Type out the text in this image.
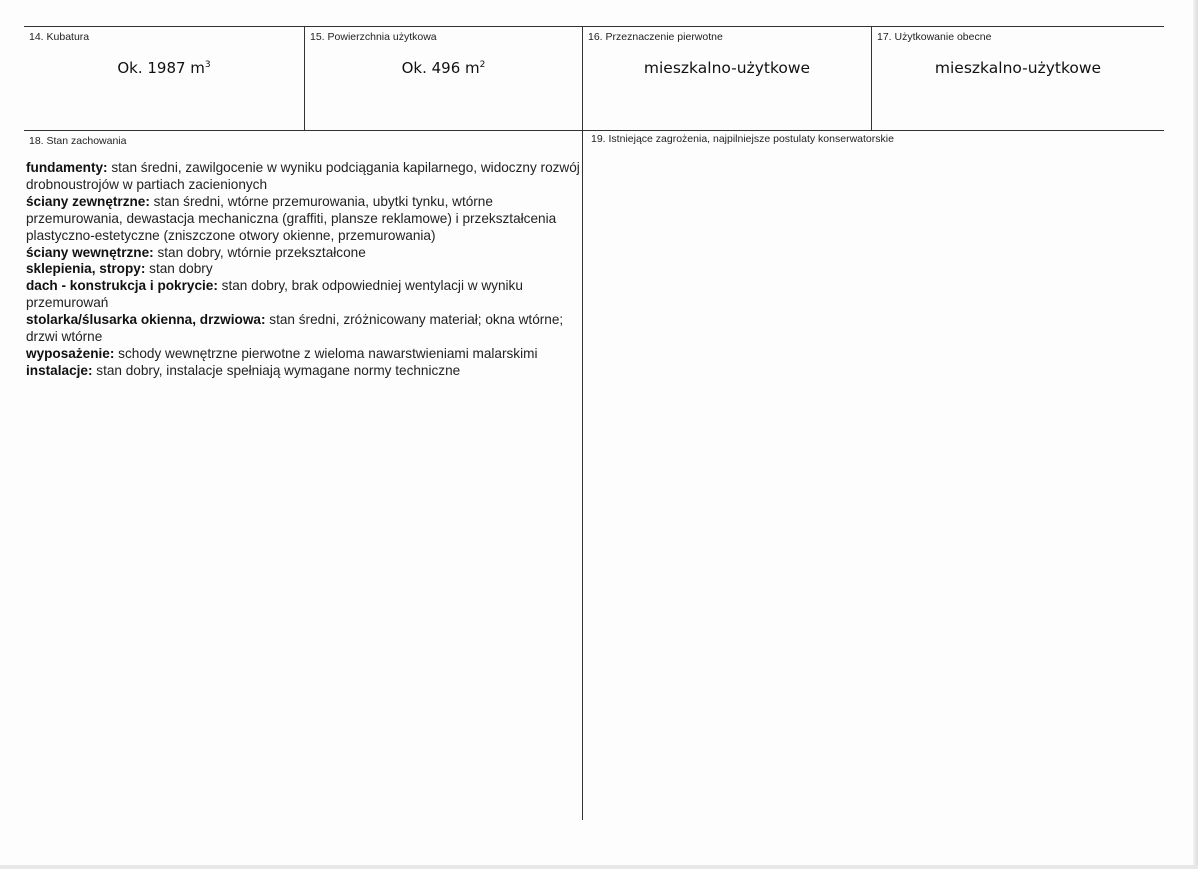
14. Kubatura
Ok. 1987 $m^3$
15. Powierzchnia użytkowa
Ok. 496 $m^2$
16. Przeznaczenie pierwotne
mieszkalno-użytkowe
17. Użytkowanie obecne
mieszkalno-użytkowe
18. Stan zachowania	19. Istniejące zagrożenia, najpilniejsze postulaty konserwatorskie
fundamenty: stan średni, zawilgocenie w wyniku podciągania kapilarnego, widoczny rozwój drobnoustrojów w partiach zacienionych
ściany zewnętrzne: stan średni, wtórne przemurowania, ubytki tynku, wtórne przemurowania, dewastacja mechaniczna (graffiti, plansze reklamowe) i przekształcenia plastyczno-estetyczne (zniszczone otwory okienne, przemurowania)
ściany wewnętrzne: stan dobry, wtórnie przekształcone
sklepienia, stropy: stan dobry
dach - konstrukcja i pokrycie: stan dobry, brak odpowiedniej wentylacji w wyniku przemurowań
stolarka/ślusarka okienna, drzwiowa: stan średni, zróżnicowany materiał; okna wtórne; drzwi wtórne
wyposażenie: schody wewnętrzne pierwotne z wieloma nawarstwieniami malarskimi
instalacje: stan dobry, instalacje spełniają wymagane normy techniczne
